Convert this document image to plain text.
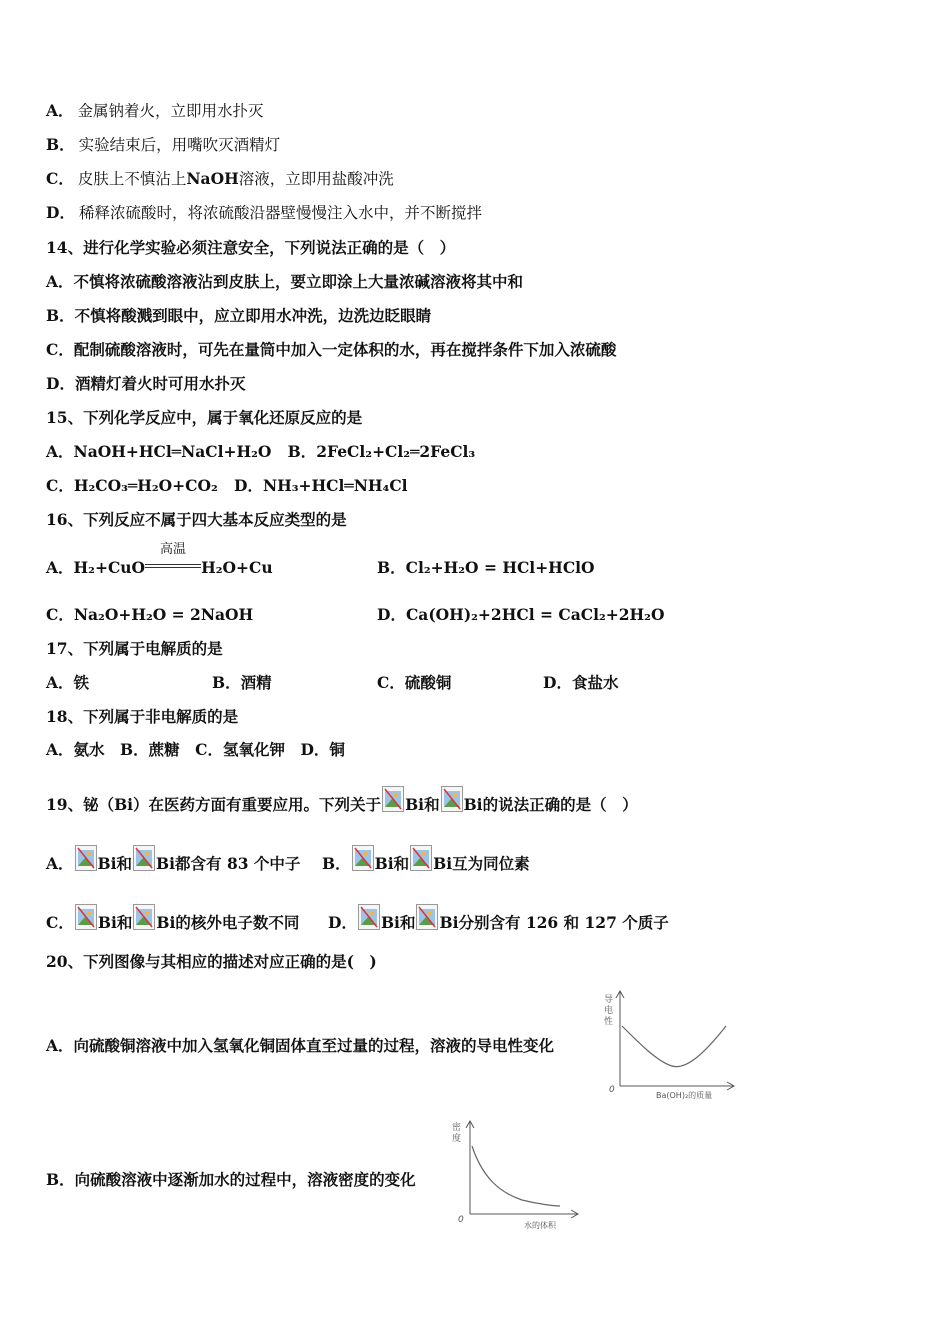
A． 金属钠着火，立即用水扑灭
B． 实验结束后，用嘴吹灭酒精灯
C． 皮肤上不慎沾上NaOH溶液，立即用盐酸冲洗
D． 稀释浓硫酸时，将浓硫酸沿器壁慢慢注入水中，并不断搅拌
14、进行化学实验必须注意安全，下列说法正确的是（　）
A．不慎将浓硫酸溶液沾到皮肤上，要立即涂上大量浓碱溶液将其中和
B．不慎将酸溅到眼中，应立即用水冲洗，边洗边眨眼睛
C．配制硫酸溶液时，可先在量筒中加入一定体积的水，再在搅拌条件下加入浓硫酸
D．酒精灯着火时可用水扑灭
15、下列化学反应中，属于氧化还原反应的是
A．NaOH+HCl═NaCl+H₂O B．2FeCl₂+Cl₂═2FeCl₃
C．H₂CO₃═H₂O+CO₂ D．NH₃+HCl═NH₄Cl
16、下列反应不属于四大基本反应类型的是
A．H₂+CuO
高温
H₂O+Cu	B．Cl₂+H₂O = HCl+HClO
C．Na₂O+H₂O = 2NaOH	D．Ca(OH)₂+2HCl = CaCl₂+2H₂O
17、下列属于电解质的是
A．铁	B．酒精	C．硫酸铜	D．食盐水
18、下列属于非电解质的是
A．氨水　B．蔗糖　C．氢氧化钾　D．铜
19、铋（Bi）在医药方面有重要应用。下列关于 Bi和 Bi的说法正确的是（　）
A． Bi和 Bi都含有 83 个中子 B． Bi和 Bi互为同位素
C． Bi和 Bi的核外电子数不同 D． Bi和 Bi分别含有 126 和 127 个质子
20、下列图像与其相应的描述对应正确的是(　)
A．向硫酸铜溶液中加入氢氧化铜固体直至过量的过程，溶液的导电性变化
导
电
性
0
Ba(OH)₂的质量
B．向硫酸溶液中逐渐加水的过程中，溶液密度的变化
密
度
0
水的体积
